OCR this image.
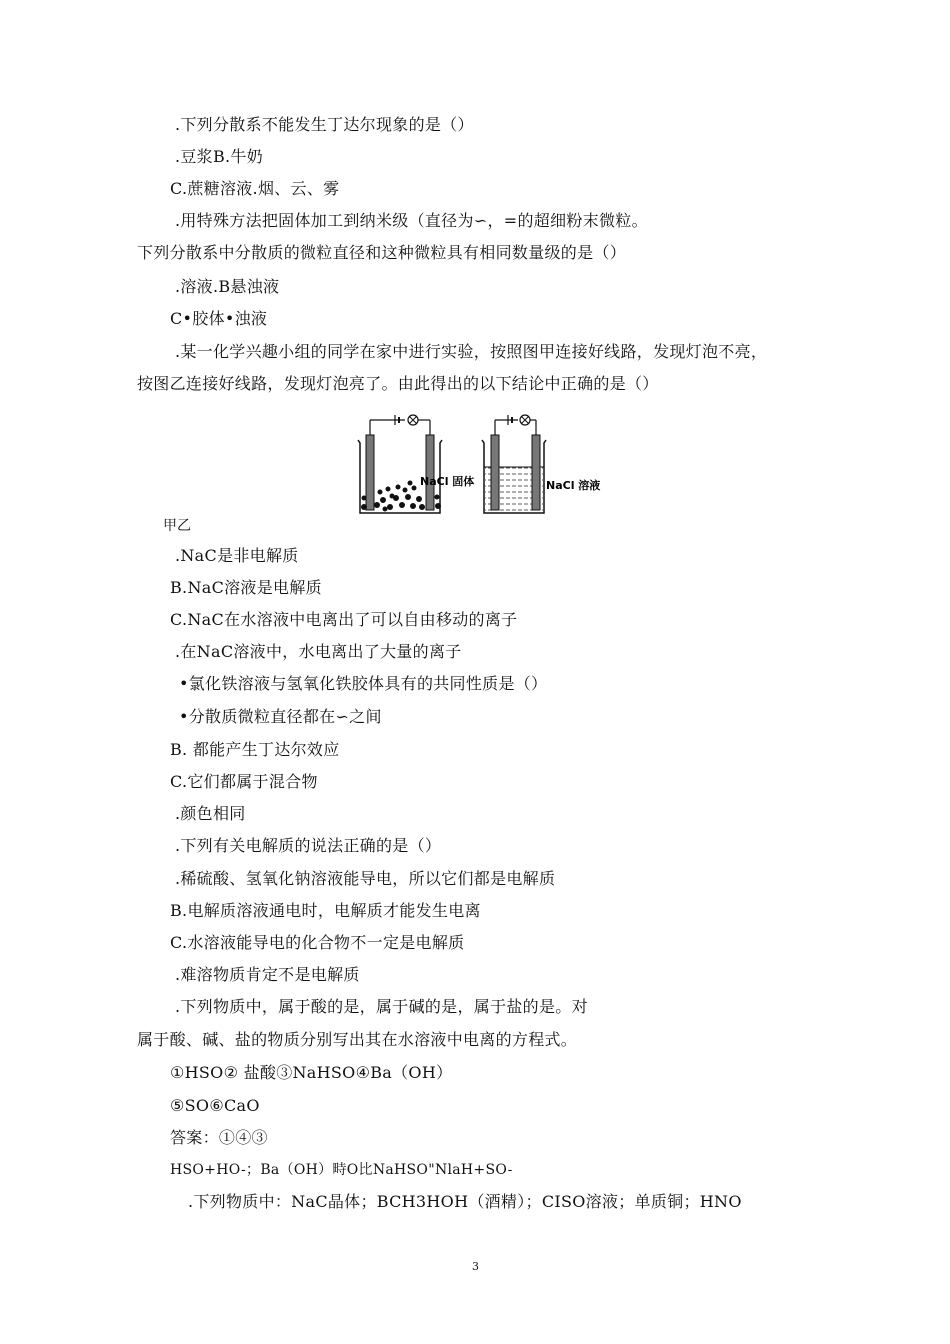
.下列分散系不能发生丁达尔现象的是（）
.豆浆B.牛奶
C.蔗糖溶液.烟、云、雾
.用特殊方法把固体加工到纳米级（直径为∽，=的超细粉末微粒。
下列分散系中分散质的微粒直径和这种微粒具有相同数量级的是（）
.溶液.B悬浊液
C•胶体•浊液
.某一化学兴趣小组的同学在家中进行实验，按照图甲连接好线路，发现灯泡不亮，
按图乙连接好线路，发现灯泡亮了。由此得出的以下结论中正确的是（）
NaCl 固体	NaCl 溶液
甲乙
.NaC是非电解质
B.NaC溶液是电解质
C.NaC在水溶液中电离出了可以自由移动的离子
.在NaC溶液中，水电离出了大量的离子
•氯化铁溶液与氢氧化铁胶体具有的共同性质是（）
•分散质微粒直径都在∽之间
B. 都能产生丁达尔效应
C.它们都属于混合物
.颜色相同
.下列有关电解质的说法正确的是（）
.稀硫酸、氢氧化钠溶液能导电，所以它们都是电解质
B.电解质溶液通电时，电解质才能发生电离
C.水溶液能导电的化合物不一定是电解质
.难溶物质肯定不是电解质
.下列物质中，属于酸的是，属于碱的是，属于盐的是。对
属于酸、碱、盐的物质分别写出其在水溶液中电离的方程式。
①HSO② 盐酸③NaHSO④Ba（OH）
⑤SO⑥CaO
答案：①④③
HSO+HO-；Ba（OH）畤O比NaHSO"NlaH+SO-
.下列物质中：NaC晶体；BCH3HOH（酒精）；CISO溶液；单质铜；HNO
3
